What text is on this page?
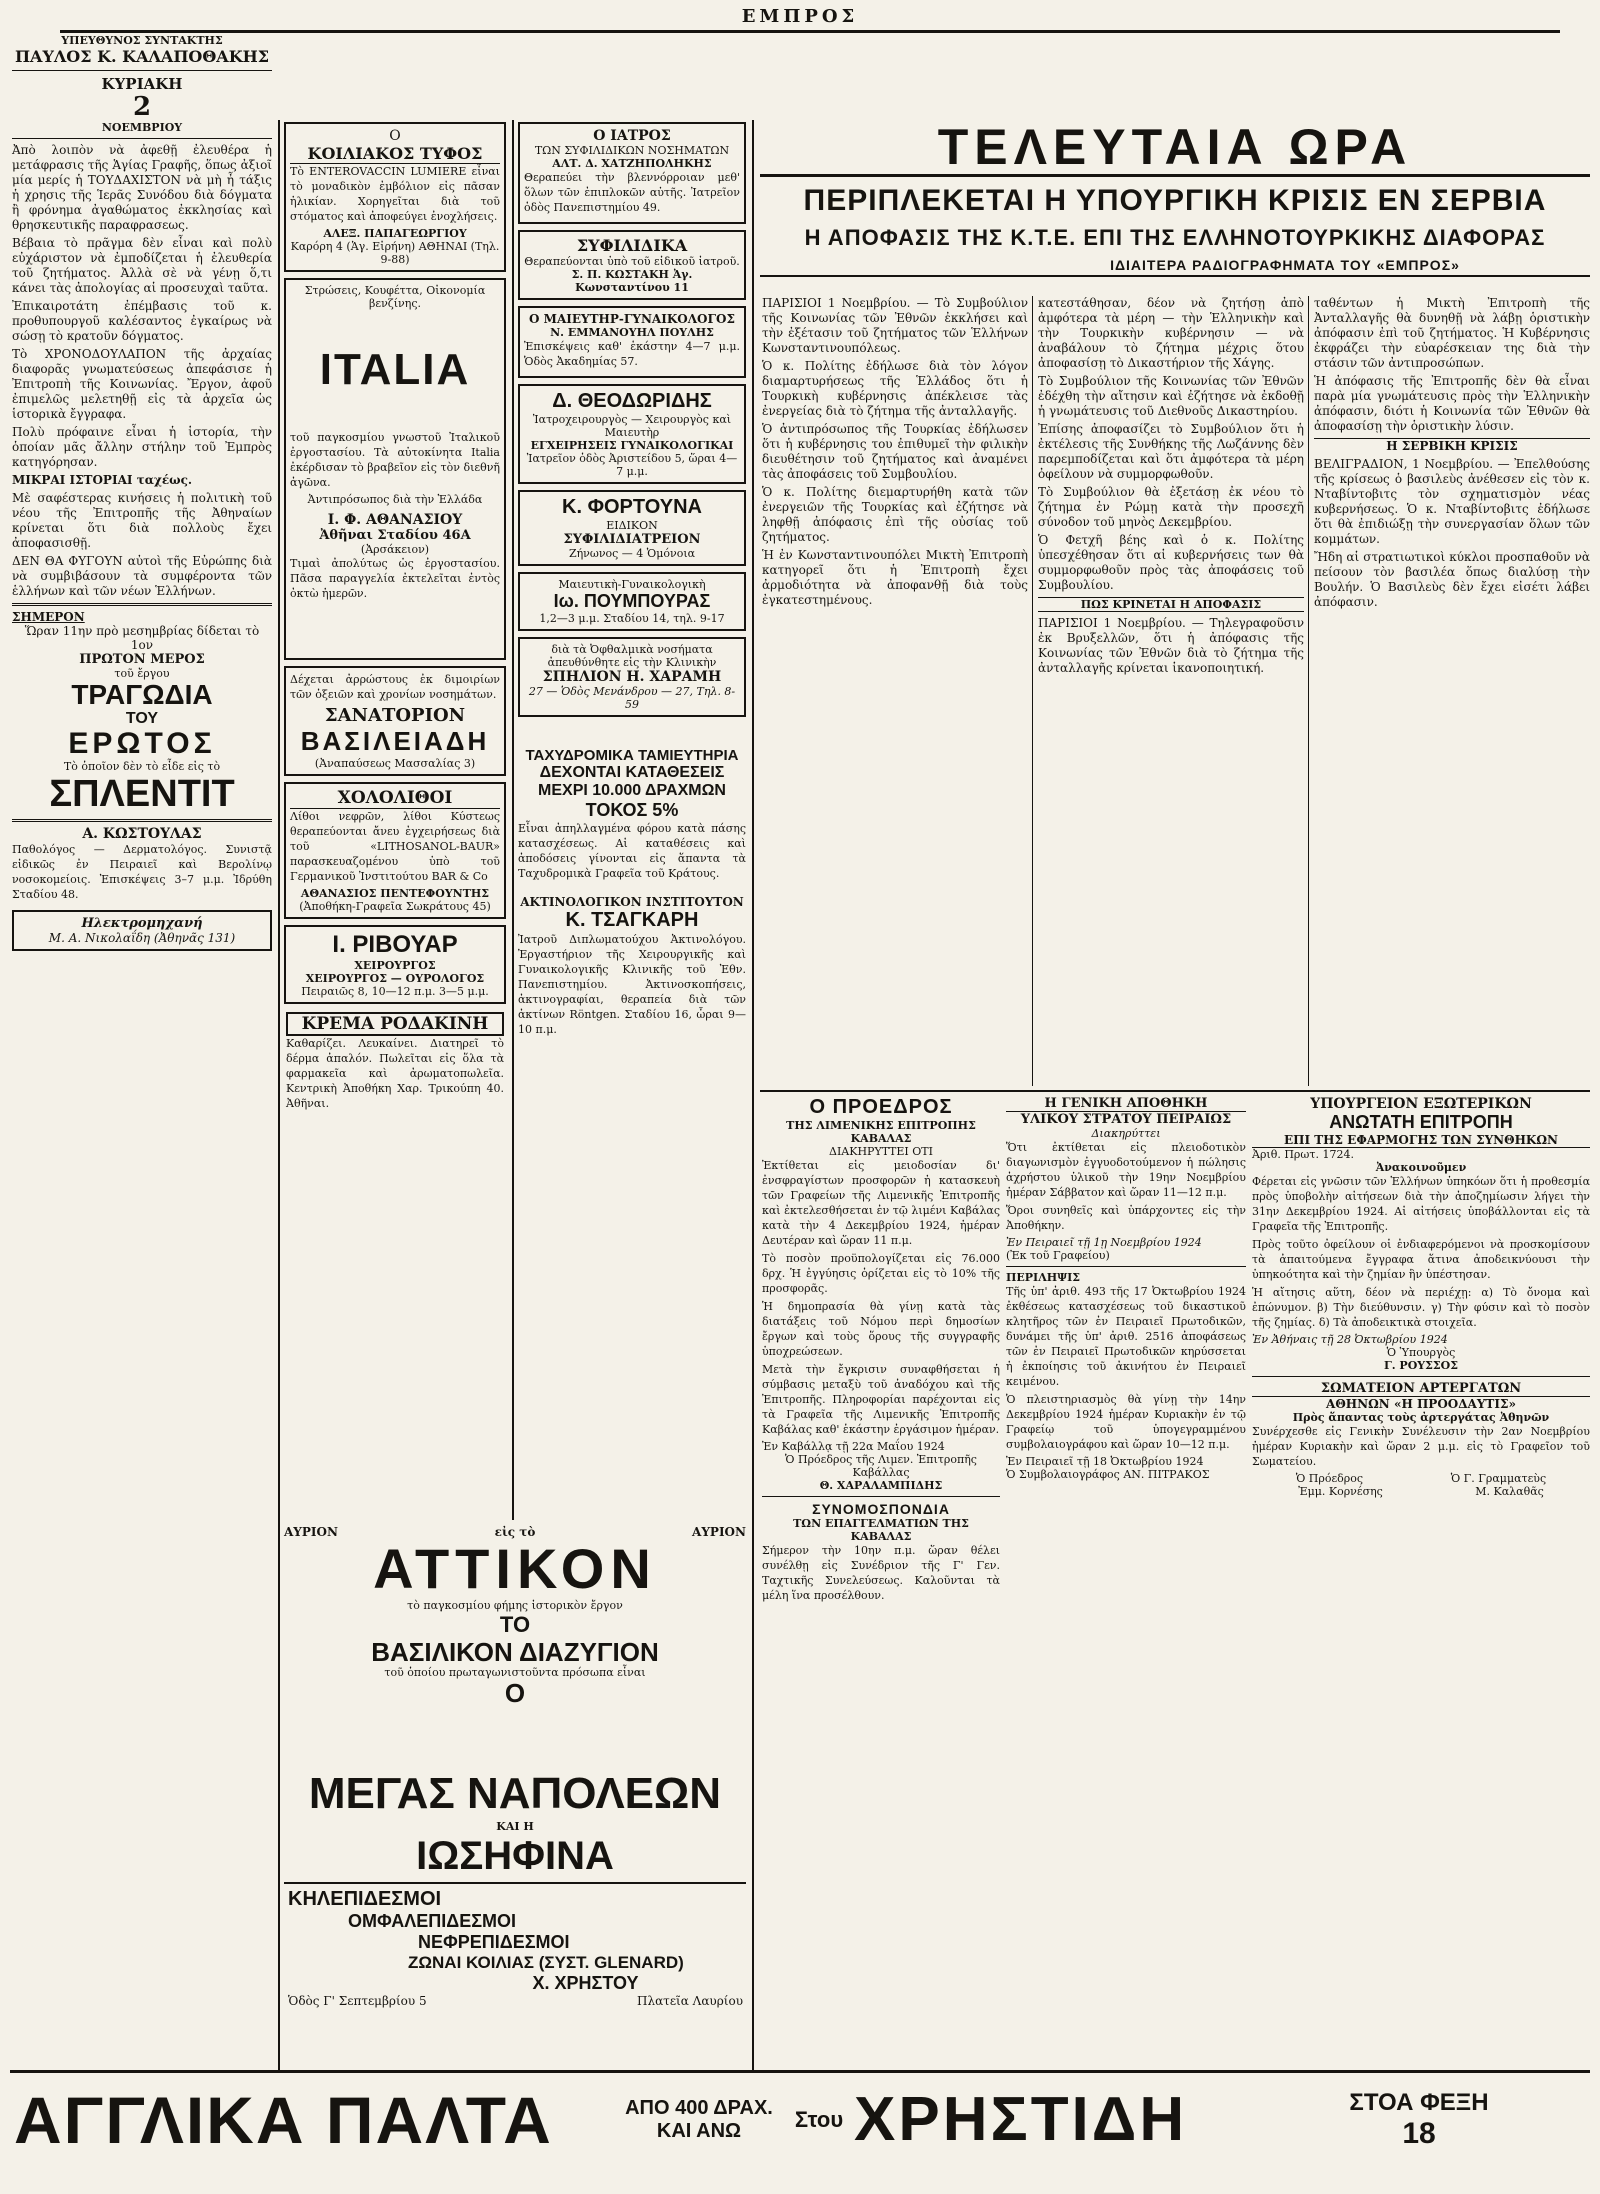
ΕΜΠΡΟΣ
ΥΠΕΥΘΥΝΟΣ ΣΥΝΤΑΚΤΗΣ
ΠΑΥΛΟΣ Κ. ΚΑΛΑΠΟΘΑΚΗΣ
ΚΥΡΙΑΚΗ
2
ΝΟΕΜΒΡΙΟΥ

Ἀπὸ λοιπὸν νὰ ἀφεθῇ ἐλευθέρα ἡ μετάφρασις τῆς Ἁγίας Γραφῆς, ὅπως ἀξιοῖ μία μερίς ἡ ΤΟΥΔΑΧΙΣΤΟΝ νὰ μὴ ἦ τάξις ἡ χρησις τῆς Ἱερᾶς Συνόδου διὰ δόγματα ἢ φρόνημα ἀγαθώματος ἐκκλησίας καὶ θρησκευτικῆς παραφρασεως.

Βέβαια τὸ πρᾶγμα δὲν εἶναι καὶ πολὺ εὐχάριστον νὰ ἐμποδίζεται ἡ ἐλευθερία τοῦ ζητήματος. Ἀλλὰ σὲ νὰ γένῃ ὅ,τι κάνει τὰς ἀπολογίας αἱ προσευχαὶ ταῦτα.

Ἐπικαιροτάτη ἐπέμβασις τοῦ κ. προθυπουργοῦ καλέσαντος ἐγκαίρως νὰ σώσῃ τὸ κρατοῦν δόγματος.

Τὸ ΧΡΟΝΟΔΟΥΛΑΠΟΝ τῆς ἀρχαίας διαφορᾶς γνωματεύσεως ἀπεφάσισε ἡ Ἐπιτροπὴ τῆς Κοινωνίας. Ἔργον, ἀφοῦ ἐπιμελῶς μελετηθῇ εἰς τὰ ἀρχεῖα ὡς ἱστορικὰ ἔγγραφα.

Πολὺ πρόφαινε εἶναι ἡ ἱστορία, τὴν ὁποίαν μᾶς ἄλλην στήλην τοῦ Ἐμπρὸς κατηγόρησαν.

ΜΙΚΡΑΙ ΙΣΤΟΡΙΑΙ ταχέως.

Μὲ σαφέστερας κινήσεις ἡ πολιτικὴ τοῦ νέου τῆς Ἐπιτροπῆς τῆς Ἀθηναίων κρίνεται ὅτι διὰ πολλοὺς ἔχει ἀποφασισθῇ.

ΔΕΝ ΘΑ ΦΥΓΟΥΝ αὐτοὶ τῆς Εὐρώπης διὰ νὰ συμβιβάσουν τὰ συμφέροντα τῶν ἑλλήνων καὶ τῶν νέων Ἑλλήνων.

ΣΗΜΕΡΟΝ
Ὥραν 11ην πρὸ μεσημβρίας δίδεται τὸ
1ον
ΠΡΩΤΟΝ ΜΕΡΟΣ
τοῦ ἔργου
ΤΡΑΓΩΔΙΑ
ΤΟΥ
ΕΡΩΤΟΣ
Τὸ ὁποῖον δὲν τὸ εἶδε εἰς τὸ
ΣΠΛΕΝΤΙΤ
Α. ΚΩΣΤΟΥΛΑΣ

Παθολόγος — Δερματολόγος. Συνιστᾷ εἰδικῶς ἐν Πειραιεῖ καὶ Βερολίνῳ νοσοκομείοις. Ἐπισκέψεις 3–7 μ.μ. Ἰδρύθη Σταδίου 48.

Ηλεκτρομηχανή
Μ. Α. Νικολαΐδη (Ἀθηνᾶς 131)
Ο
ΚΟΙΛΙΑΚΟΣ ΤΥΦΟΣ

Τὸ ENTEROVACCIN LUMIERE εἶναι τὸ μοναδικὸν ἐμβόλιον εἰς πᾶσαν ἡλικίαν. Χορηγεῖται διὰ τοῦ στόματος καὶ ἀποφεύγει ἐνοχλήσεις.

ΑΛΕΞ. ΠΑΠΑΓΕΩΡΓΙΟΥ
Καρόρη 4 (Ἁγ. Εἰρήνη) ΑΘΗΝΑΙ (Τηλ. 9-88)
Στρώσεις, Κουφέττα, Οἰκονομία βενζίνης.
ITALIA

τοῦ παγκοσμίου γνωστοῦ Ἰταλικοῦ ἐργοστασίου. Τὰ αὐτοκίνητα Italia ἐκέρδισαν τὸ βραβεῖον εἰς τὸν διεθνῆ ἀγῶνα.

Ἀντιπρόσωπος διὰ τὴν Ἑλλάδα
Ι. Φ. ΑΘΑΝΑΣΙΟΥ
Ἀθῆναι Σταδίου 46Α
(Ἀρσάκειον)

Τιμαὶ ἀπολύτως ὡς ἐργοστασίου. Πᾶσα παραγγελία ἐκτελεῖται ἐντὸς ὀκτὼ ἡμερῶν.

Δέχεται ἀρρώστους ἐκ διμοιρίων τῶν ὀξειῶν καὶ χρονίων νοσημάτων.

ΣΑΝΑΤΟΡΙΟΝ
ΒΑΣΙΛΕΙΑΔΗ
(Ἀναπαύσεως Μασσαλίας 3)
ΧΟΛΟΛΙΘΟΙ

Λίθοι νεφρῶν, λίθοι Κύστεως θεραπεύονται ἄνευ ἐγχειρήσεως διὰ τοῦ «LITHOSANOL-BAUR» παρασκευαζομένου ὑπὸ τοῦ Γερμανικοῦ Ἰνστιτούτου BAR & Co

ΑΘΑΝΑΣΙΟΣ ΠΕΝΤΕΦΟΥΝΤΗΣ
(Ἀποθήκη-Γραφεῖα Σωκράτους 45)
Ι. ΡΙΒΟΥΑΡ
ΧΕΙΡΟΥΡΓΟΣ
ΧΕΙΡΟΥΡΓΟΣ — ΟΥΡΟΛΟΓΟΣ
Πειραιῶς 8, 10—12 π.μ. 3—5 μ.μ.
ΚΡΕΜΑ ΡΟΔΑΚΙΝΗ

Καθαρίζει. Λευκαίνει. Διατηρεῖ τὸ δέρμα ἀπαλόν. Πωλεῖται εἰς ὅλα τὰ φαρμακεῖα καὶ ἀρωματοπωλεῖα. Κεντρικὴ Ἀποθήκη Χαρ. Τρικούπη 40. Ἀθῆναι.

Ο ΙΑΤΡΟΣ
ΤΩΝ ΣΥΦΙΛΙΔΙΚΩΝ ΝΟΣΗΜΑΤΩΝ
ΑΛΤ. Δ. ΧΑΤΖΗΠΟΛΗΚΗΣ

Θεραπεύει τὴν βλεννόρροιαν μεθ' ὅλων τῶν ἐπιπλοκῶν αὐτῆς. Ἰατρεῖον ὁδὸς Πανεπιστημίου 49.

ΣΥΦΙΛΙΔΙΚΑ
Θεραπεύονται ὑπὸ τοῦ εἰδικοῦ ἰατροῦ.
Σ. Π. ΚΩΣΤΑΚΗ Ἀγ. Κωνσταντίνου 11
Ο ΜΑΙΕΥΤΗΡ-ΓΥΝΑΙΚΟΛΟΓΟΣ
Ν. ΕΜΜΑΝΟΥΗΛ ΠΟΥΛΗΣ

Ἐπισκέψεις καθ' ἑκάστην 4—7 μ.μ. Ὁδὸς Ἀκαδημίας 57.

Δ. ΘΕΟΔΩΡΙΔΗΣ
Ἰατροχειρουργὸς — Χειρουργὸς καὶ Μαιευτὴρ
ΕΓΧΕΙΡΗΣΕΙΣ ΓΥΝΑΙΚΟΛΟΓΙΚΑΙ
Ἰατρεῖον ὁδὸς Ἀριστείδου 5, ὥραι 4—7 μ.μ.
Κ. ΦΟΡΤΟΥΝΑ
ΕΙΔΙΚΟΝ
ΣΥΦΙΛΙΔΙΑΤΡΕΙΟΝ
Ζήνωνος — 4 Ὁμόνοια
Μαιευτικὴ-Γυναικολογικὴ
Ιω. ΠΟΥΜΠΟΥΡΑΣ
1,2—3 μ.μ. Σταδίου 14, τηλ. 9-17
διὰ τὰ Ὀφθαλμικὰ νοσήματα ἀπευθύνθητε εἰς τὴν Κλινικὴν
ΣΠΗΛΙΟΝ Η. ΧΑΡΑΜΗ
27 — Ὁδὸς Μενάνδρου — 27, Τηλ. 8-59
ΤΑΧΥΔΡΟΜΙΚΑ ΤΑΜΙΕΥΤΗΡΙΑ
ΔΕΧΟΝΤΑΙ ΚΑΤΑΘΕΣΕΙΣ
ΜΕΧΡΙ 10.000 ΔΡΑΧΜΩΝ
ΤΟΚΟΣ 5%

Εἶναι ἀπηλλαγμένα φόρου κατὰ πάσης κατασχέσεως. Αἱ καταθέσεις καὶ ἀποδόσεις γίνονται εἰς ἅπαντα τὰ Ταχυδρομικὰ Γραφεῖα τοῦ Κράτους.

ΑΚΤΙΝΟΛΟΓΙΚΟΝ ΙΝΣΤΙΤΟΥΤΟΝ
Κ. ΤΣΑΓΚΑΡΗ

Ἰατροῦ Διπλωματούχου Ἀκτινολόγου. Ἐργαστήριον τῆς Χειρουργικῆς καὶ Γυναικολογικῆς Κλινικῆς τοῦ Ἐθν. Πανεπιστημίου. Ἀκτινοσκοπήσεις, ἀκτινογραφίαι, θεραπεία διὰ τῶν ἀκτίνων Röntgen. Σταδίου 16, ὧραι 9—10 π.μ.

ΑΥΡΙΟΝ	εἰς τὸ	ΑΥΡΙΟΝ
ΑΤΤΙΚΟΝ
τὸ παγκοσμίου φήμης ἱστορικὸν ἔργον
ΤΟ
ΒΑΣΙΛΙΚΟΝ ΔΙΑΖΥΓΙΟΝ
τοῦ ὁποίου πρωταγωνιστοῦντα πρόσωπα εἶναι
Ο
ΜΕΓΑΣ ΝΑΠΟΛΕΩΝ
ΚΑΙ Η
ΙΩΣΗΦΙΝΑ
ΚΗΛΕΠΙΔΕΣΜΟΙ
ΟΜΦΑΛΕΠΙΔΕΣΜΟΙ
ΝΕΦΡΕΠΙΔΕΣΜΟΙ
ΖΩΝΑΙ ΚΟΙΛΙΑΣ (ΣΥΣΤ. GLENARD)
Χ. ΧΡΗΣΤΟΥ
Ὁδὸς Γ' Σεπτεμβρίου 5	Πλατεῖα Λαυρίου
ΤΕΛΕΥΤΑΙΑ ΩΡΑ
ΠΕΡΙΠΛΕΚΕΤΑΙ Η ΥΠΟΥΡΓΙΚΗ ΚΡΙΣΙΣ ΕΝ ΣΕΡΒΙΑ
Η ΑΠΟΦΑΣΙΣ ΤΗΣ Κ.Τ.Ε. ΕΠΙ ΤΗΣ ΕΛΛΗΝΟΤΟΥΡΚΙΚΗΣ ΔΙΑΦΟΡΑΣ
ΙΔΙΑΙΤΕΡΑ ΡΑΔΙΟΓΡΑΦΗΜΑΤΑ ΤΟΥ «ΕΜΠΡΟΣ»

ΠΑΡΙΣΙΟΙ 1 Νοεμβρίου. — Τὸ Συμβούλιον τῆς Κοινωνίας τῶν Ἐθνῶν ἐκκλήσει καὶ τὴν ἐξέτασιν τοῦ ζητήματος τῶν Ἑλλήνων Κωνσταντινουπόλεως.

Ὁ κ. Πολίτης ἐδήλωσε διὰ τὸν λόγον διαμαρτυρήσεως τῆς Ἑλλάδος ὅτι ἡ Τουρκικὴ κυβέρνησις ἀπέκλεισε τὰς ἐνεργείας διὰ τὸ ζήτημα τῆς ἀνταλλαγῆς.

Ὁ ἀντιπρόσωπος τῆς Τουρκίας ἐδήλωσεν ὅτι ἡ κυβέρνησις του ἐπιθυμεῖ τὴν φιλικὴν διευθέτησιν τοῦ ζητήματος καὶ ἀναμένει τὰς ἀποφάσεις τοῦ Συμβουλίου.

Ὁ κ. Πολίτης διεμαρτυρήθη κατὰ τῶν ἐνεργειῶν τῆς Τουρκίας καὶ ἐζήτησε νὰ ληφθῇ ἀπόφασις ἐπὶ τῆς οὐσίας τοῦ ζητήματος.

Ἡ ἐν Κωνσταντινουπόλει Μικτὴ Ἐπιτροπὴ κατηγορεῖ ὅτι ἡ Ἐπιτροπὴ ἔχει ἀρμοδιότητα νὰ ἀποφανθῇ διὰ τοὺς ἐγκατεστημένους.

κατεστάθησαν, δέον νὰ ζητήσῃ ἀπὸ ἀμφότερα τὰ μέρη — τὴν Ἑλληνικὴν καὶ τὴν Τουρκικὴν κυβέρνησιν — νὰ ἀναβάλουν τὸ ζήτημα μέχρις ὅτου ἀποφασίσῃ τὸ Δικαστήριον τῆς Χάγης.

Τὸ Συμβούλιον τῆς Κοινωνίας τῶν Ἐθνῶν ἐδέχθη τὴν αἴτησιν καὶ ἐζήτησε νὰ ἐκδοθῇ ἡ γνωμάτευσις τοῦ Διεθνοῦς Δικαστηρίου.

Ἐπίσης ἀποφασίζει τὸ Συμβούλιον ὅτι ἡ ἐκτέλεσις τῆς Συνθήκης τῆς Λωζάννης δὲν παρεμποδίζεται καὶ ὅτι ἀμφότερα τὰ μέρη ὀφείλουν νὰ συμμορφωθοῦν.

Τὸ Συμβούλιον θὰ ἐξετάσῃ ἐκ νέου τὸ ζήτημα ἐν Ρώμῃ κατὰ τὴν προσεχῆ σύνοδον τοῦ μηνὸς Δεκεμβρίου.

Ὁ Φετχῆ βέης καὶ ὁ κ. Πολίτης ὑπεσχέθησαν ὅτι αἱ κυβερνήσεις των θὰ συμμορφωθοῦν πρὸς τὰς ἀποφάσεις τοῦ Συμβουλίου.

ΠΩΣ ΚΡΙΝΕΤΑΙ Η ΑΠΟΦΑΣΙΣ

ΠΑΡΙΣΙΟΙ 1 Νοεμβρίου. — Τηλεγραφοῦσιν ἐκ Βρυξελλῶν, ὅτι ἡ ἀπόφασις τῆς Κοινωνίας τῶν Ἐθνῶν διὰ τὸ ζήτημα τῆς ἀνταλλαγῆς κρίνεται ἱκανοποιητική.

ταθέντων ἡ Μικτὴ Ἐπιτροπὴ τῆς Ἀνταλλαγῆς θὰ δυνηθῇ νὰ λάβῃ ὁριστικὴν ἀπόφασιν ἐπὶ τοῦ ζητήματος. Ἡ Κυβέρνησις ἐκφράζει τὴν εὐαρέσκειαν της διὰ τὴν στάσιν τῶν ἀντιπροσώπων.

Ἡ ἀπόφασις τῆς Ἐπιτροπῆς δὲν θὰ εἶναι παρὰ μία γνωμάτευσις πρὸς τὴν Ἑλληνικὴν ἀπόφασιν, διότι ἡ Κοινωνία τῶν Ἐθνῶν θὰ ἀποφασίσῃ τὴν ὁριστικὴν λύσιν.

Η ΣΕΡΒΙΚΗ ΚΡΙΣΙΣ

ΒΕΛΙΓΡΑΔΙΟΝ, 1 Νοεμβρίου. — Ἐπελθούσης τῆς κρίσεως ὁ βασιλεὺς ἀνέθεσεν εἰς τὸν κ. Νταβίντοβιτς τὸν σχηματισμὸν νέας κυβερνήσεως. Ὁ κ. Νταβίντοβιτς ἐδήλωσε ὅτι θὰ ἐπιδιώξῃ τὴν συνεργασίαν ὅλων τῶν κομμάτων.

Ἤδη αἱ στρατιωτικοὶ κύκλοι προσπαθοῦν νὰ πείσουν τὸν βασιλέα ὅπως διαλύσῃ τὴν Βουλήν. Ὁ Βασιλεὺς δὲν ἔχει εἰσέτι λάβει ἀπόφασιν.

Ο ΠΡΟΕΔΡΟΣ
ΤΗΣ ΛΙΜΕΝΙΚΗΣ ΕΠΙΤΡΟΠΗΣ ΚΑΒΑΛΑΣ
ΔΙΑΚΗΡΥΤΤΕΙ ΟΤΙ

Ἐκτίθεται εἰς μειοδοσίαν δι' ἐνσφραγίστων προσφορῶν ἡ κατασκευὴ τῶν Γραφείων τῆς Λιμενικῆς Ἐπιτροπῆς καὶ ἐκτελεσθήσεται ἐν τῷ λιμένι Καβάλας κατὰ τὴν 4 Δεκεμβρίου 1924, ἡμέραν Δευτέραν καὶ ὥραν 11 π.μ.

Τὸ ποσὸν προϋπολογίζεται εἰς 76.000 δρχ. Ἡ ἐγγύησις ὁρίζεται εἰς τὸ 10% τῆς προσφορᾶς.

Ἡ δημοπρασία θὰ γίνῃ κατὰ τὰς διατάξεις τοῦ Νόμου περὶ δημοσίων ἔργων καὶ τοὺς ὅρους τῆς συγγραφῆς ὑποχρεώσεων.

Μετὰ τὴν ἔγκρισιν συναφθήσεται ἡ σύμβασις μεταξὺ τοῦ ἀναδόχου καὶ τῆς Ἐπιτροπῆς. Πληροφορίαι παρέχονται εἰς τὰ Γραφεῖα τῆς Λιμενικῆς Ἐπιτροπῆς Καβάλας καθ' ἑκάστην ἐργάσιμον ἡμέραν.

Ἐν Καβάλλᾳ τῇ 22α Μαΐου 1924
Ὁ Πρόεδρος τῆς Λιμεν. Ἐπιτροπῆς Καβάλλας
Θ. ΧΑΡΑΛΑΜΠΙΔΗΣ
ΣΥΝΟΜΟΣΠΟΝΔΙΑ
ΤΩΝ ΕΠΑΓΓΕΛΜΑΤΙΩΝ ΤΗΣ ΚΑΒΑΛΑΣ

Σήμερον τὴν 10ην π.μ. ὥραν θέλει συνέλθῃ εἰς Συνέδριον τῆς Γ' Γεν. Ταχτικῆς Συνελεύσεως. Καλοῦνται τὰ μέλη ἵνα προσέλθουν.

Η ΓΕΝΙΚΗ ΑΠΟΘΗΚΗ
ΥΛΙΚΟΥ ΣΤΡΑΤΟΥ ΠΕΙΡΑΙΩΣ
Διακηρύττει

Ὅτι ἐκτίθεται εἰς πλειοδοτικὸν διαγωνισμὸν ἐγγυοδοτούμενον ἡ πώλησις ἀχρήστου ὑλικοῦ τὴν 19ην Νοεμβρίου ἡμέραν Σάββατον καὶ ὥραν 11—12 π.μ.

Ὅροι συνηθεῖς καὶ ὑπάρχοντες εἰς τὴν Ἀποθήκην.

Ἐν Πειραιεῖ τῇ 1ῃ Νοεμβρίου 1924
(Ἐκ τοῦ Γραφείου)
ΠΕΡΙΛΗΨΙΣ

Τῆς ὑπ' ἀριθ. 493 τῆς 17 Ὀκτωβρίου 1924 ἐκθέσεως κατασχέσεως τοῦ δικαστικοῦ κλητῆρος τῶν ἐν Πειραιεῖ Πρωτοδικῶν, δυνάμει τῆς ὑπ' ἀριθ. 2516 ἀποφάσεως τῶν ἐν Πειραιεῖ Πρωτοδικῶν κηρύσσεται ἡ ἐκποίησις τοῦ ἀκινήτου ἐν Πειραιεῖ κειμένου.

Ὁ πλειστηριασμὸς θὰ γίνῃ τὴν 14ην Δεκεμβρίου 1924 ἡμέραν Κυριακὴν ἐν τῷ Γραφείῳ τοῦ ὑπογεγραμμένου συμβολαιογράφου καὶ ὥραν 10—12 π.μ.

Ἐν Πειραιεῖ τῇ 18 Ὀκτωβρίου 1924
Ὁ Συμβολαιογράφος ΑΝ. ΠΙΤΡΑΚΟΣ
ΥΠΟΥΡΓΕΙΟΝ ΕΞΩΤΕΡΙΚΩΝ
ΑΝΩΤΑΤΗ ΕΠΙΤΡΟΠΗ
ΕΠΙ ΤΗΣ ΕΦΑΡΜΟΓΗΣ ΤΩΝ ΣΥΝΘΗΚΩΝ
Ἀριθ. Πρωτ. 1724.
Ἀνακοινοῦμεν

Φέρεται εἰς γνῶσιν τῶν Ἑλλήνων ὑπηκόων ὅτι ἡ προθεσμία πρὸς ὑποβολὴν αἰτήσεων διὰ τὴν ἀποζημίωσιν λήγει τὴν 31ην Δεκεμβρίου 1924. Αἱ αἰτήσεις ὑποβάλλονται εἰς τὰ Γραφεῖα τῆς Ἐπιτροπῆς.

Πρὸς τοῦτο ὀφείλουν οἱ ἐνδιαφερόμενοι νὰ προσκομίσουν τὰ ἀπαιτούμενα ἔγγραφα ἅτινα ἀποδεικνύουσι τὴν ὑπηκοότητα καὶ τὴν ζημίαν ἣν ὑπέστησαν.

Ἡ αἴτησις αὕτη, δέον νὰ περιέχῃ: α) Τὸ ὄνομα καὶ ἐπώνυμον. β) Τὴν διεύθυνσιν. γ) Τὴν φύσιν καὶ τὸ ποσὸν τῆς ζημίας. δ) Τὰ ἀποδεικτικὰ στοιχεῖα.

Ἐν Ἀθήναις τῇ 28 Ὀκτωβρίου 1924
Ὁ Ὑπουργὸς
Γ. ΡΟΥΣΣΟΣ
ΣΩΜΑΤΕΙΟΝ ΑΡΤΕΡΓΑΤΩΝ
ΑΘΗΝΩΝ «Η ΠΡΟΟΔΑΥΤΙΣ»
Πρὸς ἅπαντας τοὺς ἀρτεργάτας Ἀθηνῶν

Συνέρχεσθε εἰς Γενικὴν Συνέλευσιν τὴν 2αν Νοεμβρίου ἡμέραν Κυριακὴν καὶ ὥραν 2 μ.μ. εἰς τὸ Γραφεῖον τοῦ Σωματείου.

Ὁ Πρόεδρος	Ὁ Γ. Γραμματεὺς
Ἐμμ. Κορνέσης	Μ. Καλαθᾶς
ΑΓΓΛΙΚΑ ΠΑΛΤΑ	ΑΠΟ 400 ΔΡΑΧ.
ΚΑΙ ΑΝΩ	Στου ΧΡΗΣΤΙΔΗ	ΣΤΟΑ ΦΕΞΗ
18
